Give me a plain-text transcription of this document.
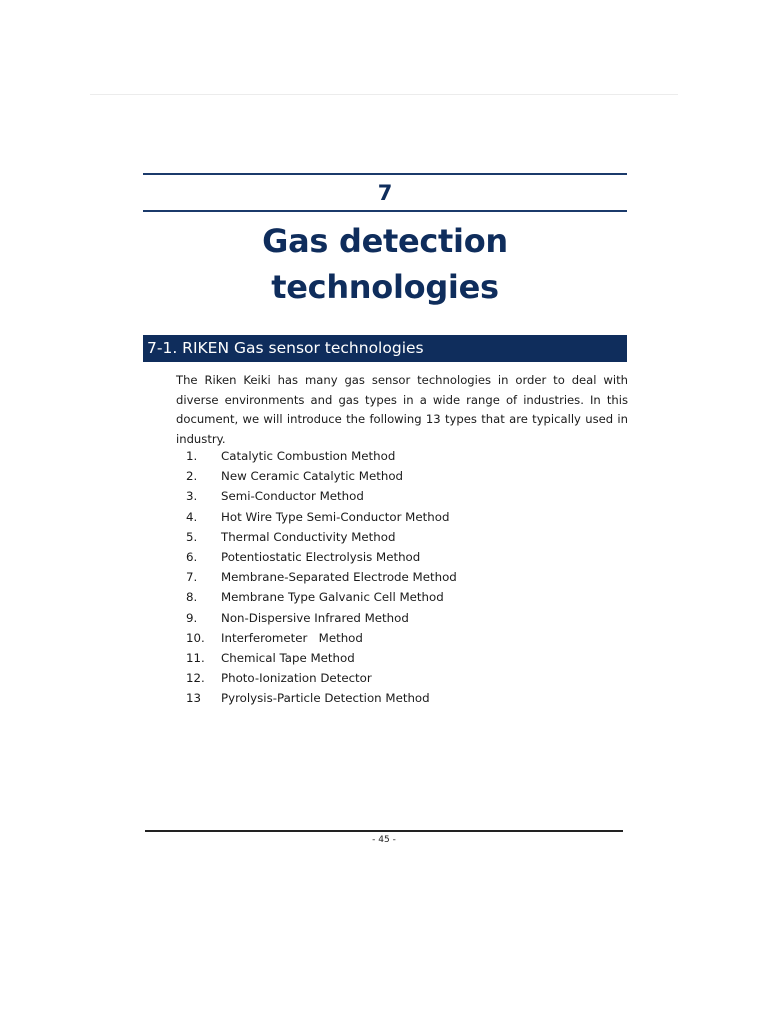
7
Gas detection technologies
7-1. RIKEN Gas sensor technologies

The Riken Keiki has many gas sensor technologies in order to deal with diverse environments and gas types in a wide range of industries. In this document, we will introduce the following 13 types that are typically used in industry.

1. Catalytic Combustion Method
2. New Ceramic Catalytic Method
3. Semi-Conductor Method
4. Hot Wire Type Semi-Conductor Method
5. Thermal Conductivity Method
6. Potentiostatic Electrolysis Method
7. Membrane-Separated Electrode Method
8. Membrane Type Galvanic Cell Method
9. Non-Dispersive Infrared Method
10. Interferometer   Method
11. Chemical Tape Method
12. Photo-Ionization Detector
13 Pyrolysis-Particle Detection Method
- 45 -
